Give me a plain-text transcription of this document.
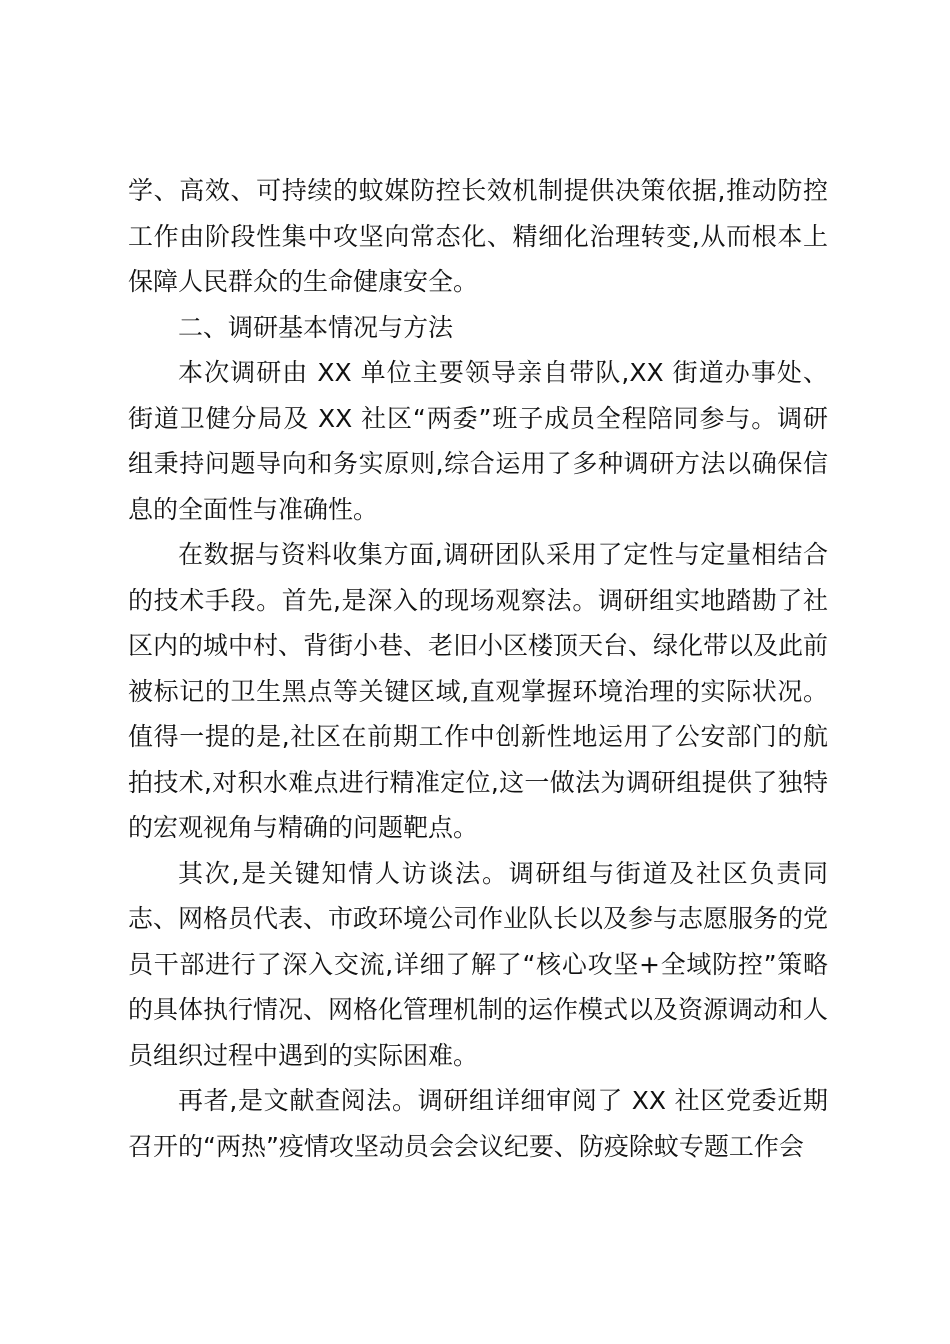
学、高效、可持续的蚊媒防控长效机制提供决策依据,推动防控工作由阶段性集中攻坚向常态化、精细化治理转变,从而根本上保障人民群众的生命健康安全。

二、调研基本情况与方法

本次调研由 XX 单位主要领导亲自带队,XX 街道办事处、街道卫健分局及 XX 社区“两委”班子成员全程陪同参与。调研组秉持问题导向和务实原则,综合运用了多种调研方法以确保信息的全面性与准确性。

在数据与资料收集方面,调研团队采用了定性与定量相结合的技术手段。首先,是深入的现场观察法。调研组实地踏勘了社区内的城中村、背街小巷、老旧小区楼顶天台、绿化带以及此前被标记的卫生黑点等关键区域,直观掌握环境治理的实际状况。值得一提的是,社区在前期工作中创新性地运用了公安部门的航拍技术,对积水难点进行精准定位,这一做法为调研组提供了独特的宏观视角与精确的问题靶点。

其次,是关键知情人访谈法。调研组与街道及社区负责同志、网格员代表、市政环境公司作业队长以及参与志愿服务的党员干部进行了深入交流,详细了解了“核心攻坚+全域防控”策略的具体执行情况、网格化管理机制的运作模式以及资源调动和人员组织过程中遇到的实际困难。

再者,是文献查阅法。调研组详细审阅了 XX 社区党委近期召开的“两热”疫情攻坚动员会会议纪要、防疫除蚊专题工作会
